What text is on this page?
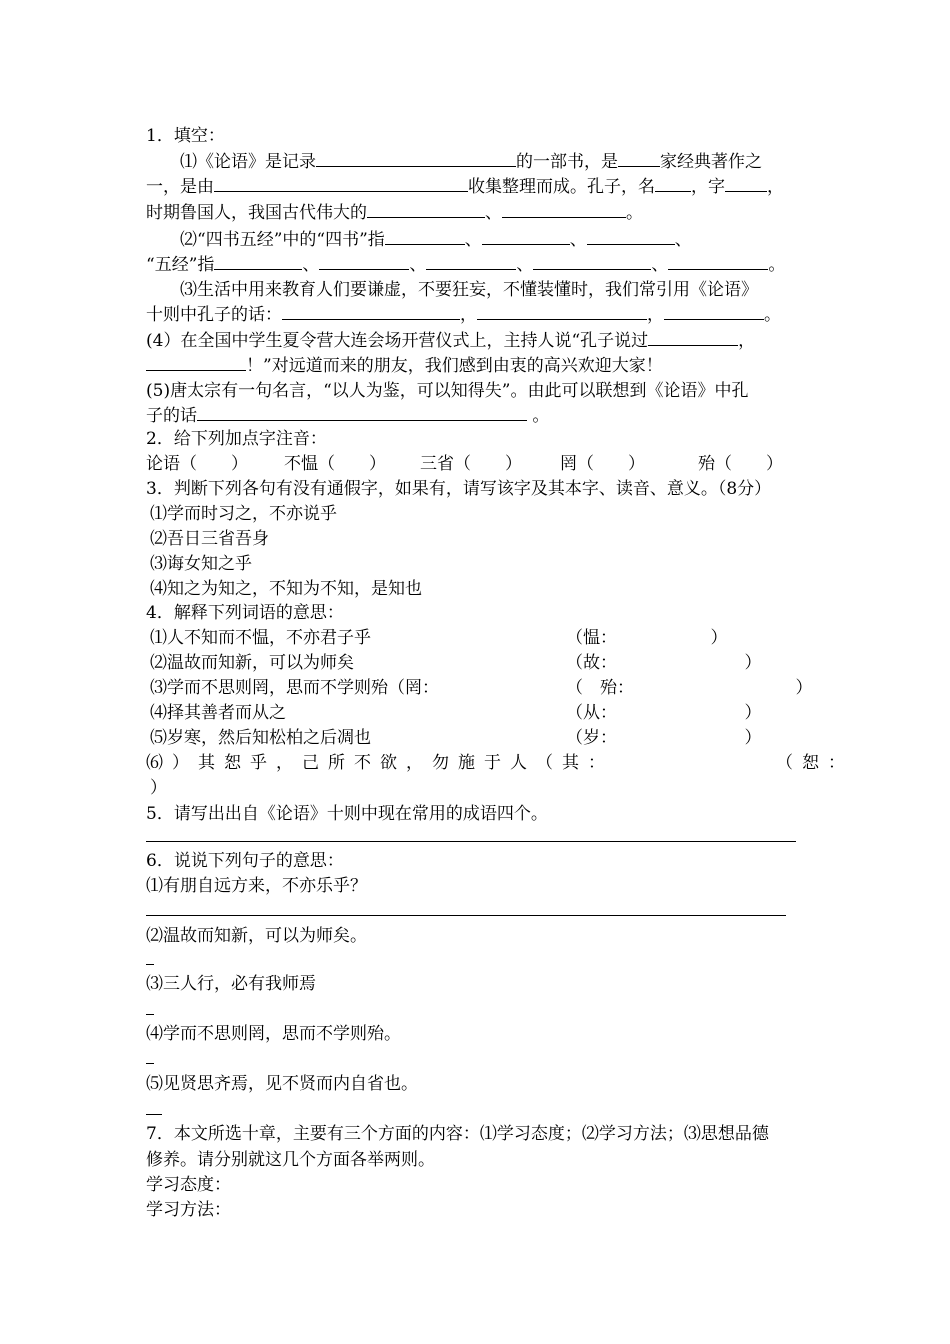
1．填空：
⑴《论语》是记录	的一部书，是 家经典著作之
一，是由	收集整理而成。孔子，名 ，字 ，
时期鲁国人，我国古代伟大的	、	。
⑵“四书五经”中的“四书”指	、	、	、
“五经”指	、	、	、	、	。
⑶生活中用来教育人们要谦虚，不要狂妄，不懂装懂时，我们常引用《论语》
十则中孔子的话：	，	，	。
(4）在全国中学生夏令营大连会场开营仪式上，主持人说“孔子说过	，
！”对远道而来的朋友，我们感到由衷的高兴欢迎大家！
(5)唐太宗有一句名言，“以人为鉴，可以知得失”。由此可以联想到《论语》中孔
子的话	。
2．给下列加点字注音：
论语（　　） 不愠（　　） 三省（　　） 罔（　　）	殆（　　）
3．判断下列各句有没有通假字，如果有，请写该字及其本字、读音、意义。（8分）
⑴学而时习之，不亦说乎
⑵吾日三省吾身
⑶诲女知之乎
⑷知之为知之，不知为不知，是知也
4．解释下列词语的意思：
⑴人不知而不愠，不亦君子乎	（愠：　　　　　　）
⑵温故而知新，可以为师矣	（故：　　　　　　　　）
⑶学而不思则罔，思而不学则殆（罔：	（　殆：　　　　　　　　　　）
⑷择其善者而从之	（从：　　　　　　　　）
⑸岁寒，然后知松柏之后凋也	（岁：　　　　　　　　）
⑹）其恕乎，己所不欲，勿施于人（其：	（恕：
）
5．请写出出自《论语》十则中现在常用的成语四个。
6．说说下列句子的意思：
⑴有朋自远方来，不亦乐乎？
⑵温故而知新，可以为师矣。
⑶三人行，必有我师焉
⑷学而不思则罔，思而不学则殆。
⑸见贤思齐焉，见不贤而内自省也。
7．本文所选十章，主要有三个方面的内容：⑴学习态度；⑵学习方法；⑶思想品德
修养。请分别就这几个方面各举两则。
学习态度：
学习方法：
